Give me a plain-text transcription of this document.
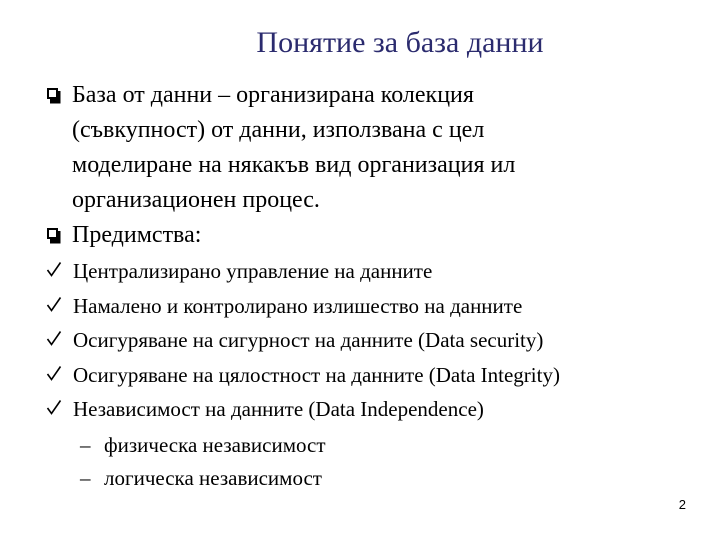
Понятие за база данни
База от данни – организирана колекция
(съвкупност) от данни, използвана с цел
моделиране на някакъв вид организация ил
организационен процес.
Предимства:
Централизирано управление на данните
Намалено и контролирано излишество на данните
Осигуряване на сигурност на данните (Data security)
Осигуряване на цялостност на данните (Data Integrity)
Независимост на данните (Data Independence)
– физическа независимост
– логическа независимост
2
